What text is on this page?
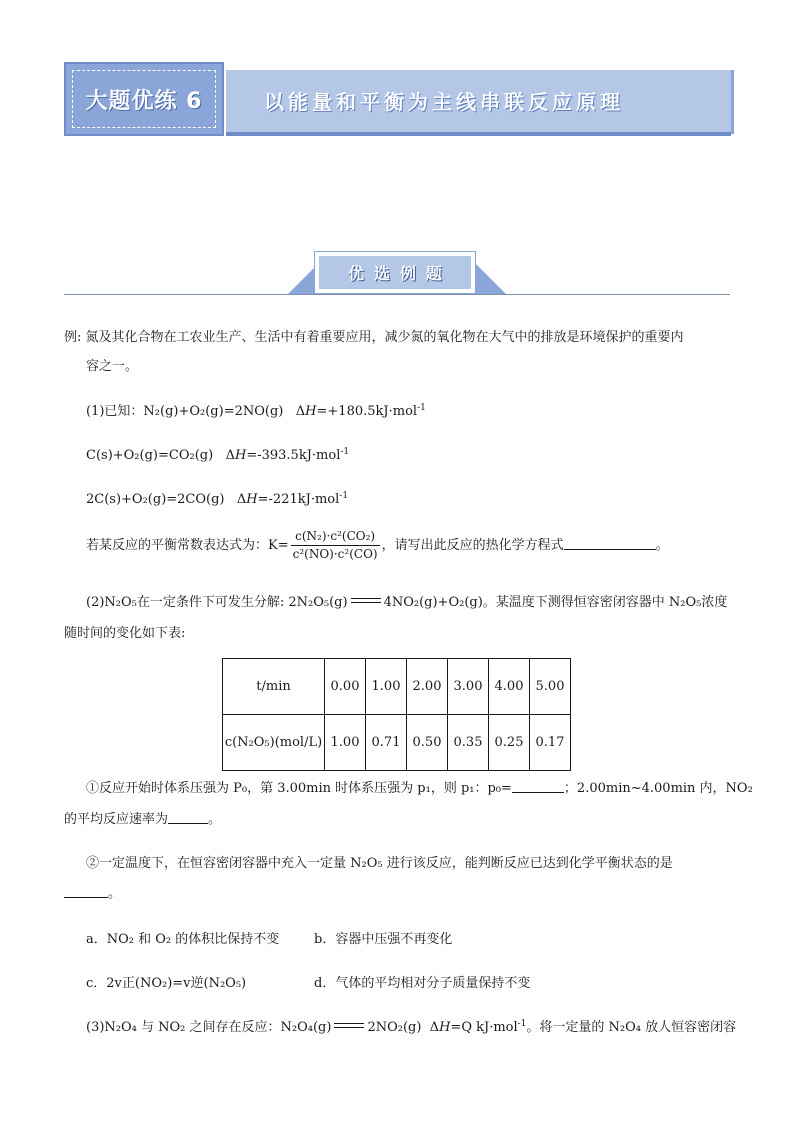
大题优练 6	以能量和平衡为主线串联反应原理
优选例题
例: 氮及其化合物在工农业生产、生活中有着重要应用，减少氮的氧化物在大气中的排放是环境保护的重要内
容之一。
(1)已知：N₂(g)+O₂(g)=2NO(g)   ΔH=+180.5kJ·mol$^{-1}$
C(s)+O₂(g)=CO₂(g)   ΔH=-393.5kJ·mol$^{-1}$
2C(s)+O₂(g)=2CO(g)   ΔH=-221kJ·mol$^{-1}$
若某反应的平衡常数表达式为：$K= \frac{\text{c(N₂)·c²(CO₂)}}{\text{c²(NO)·c²(CO)}}$ ，请写出此反应的热化学方程式	。
(2)N₂O₅在一定条件下可发生分解: 2N₂O₅(g)	4NO₂(g)+O₂(g)。某温度下测得恒容密闭容器中 N₂O₅浓度
随时间的变化如下表:
t/min	0.00	1.00	2.00	3.00	4.00	5.00
c(N₂O₅)(mol/L)	1.00	0.71	0.50	0.35	0.25	0.17
①反应开始时体系压强为 P₀，第 3.00min 时体系压强为 p₁，则 p₁：p₀=	；2.00min~4.00min 内，NO₂
的平均反应速率为	。
②一定温度下，在恒容密闭容器中充入一定量 N₂O₅ 进行该反应，能判断反应已达到化学平衡状态的是
。
a．NO₂ 和 O₂ 的体积比保持不变	b．容器中压强不再变化
c．2v正(NO₂)=v逆(N₂O₅)	d．气体的平均相对分子质量保持不变
(3)N₂O₄ 与 NO₂ 之间存在反应：N₂O₄(g)	2NO₂(g)  ΔH=Q kJ·mol$^{-1}$。将一定量的 N₂O₄ 放人恒容密闭容
